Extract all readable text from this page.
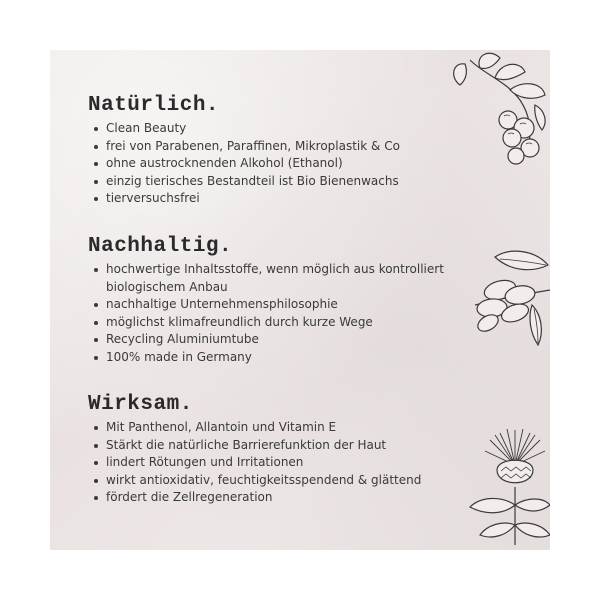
Natürlich.
Clean Beauty
frei von Parabenen, Paraffinen, Mikroplastik & Co
ohne austrocknenden Alkohol (Ethanol)
einzig tierisches Bestandteil ist Bio Bienenwachs
tierversuchsfrei
Nachhaltig.
hochwertige Inhaltsstoffe, wenn möglich aus kontrolliert biologischem Anbau
nachhaltige Unternehmensphilosophie
möglichst klimafreundlich durch kurze Wege
Recycling Aluminiumtube
100% made in Germany
Wirksam.
Mit Panthenol, Allantoin und Vitamin E
Stärkt die natürliche Barrierefunktion der Haut
lindert Rötungen und Irritationen
wirkt antioxidativ, feuchtigkeitsspendend & glättend
fördert die Zellregeneration
